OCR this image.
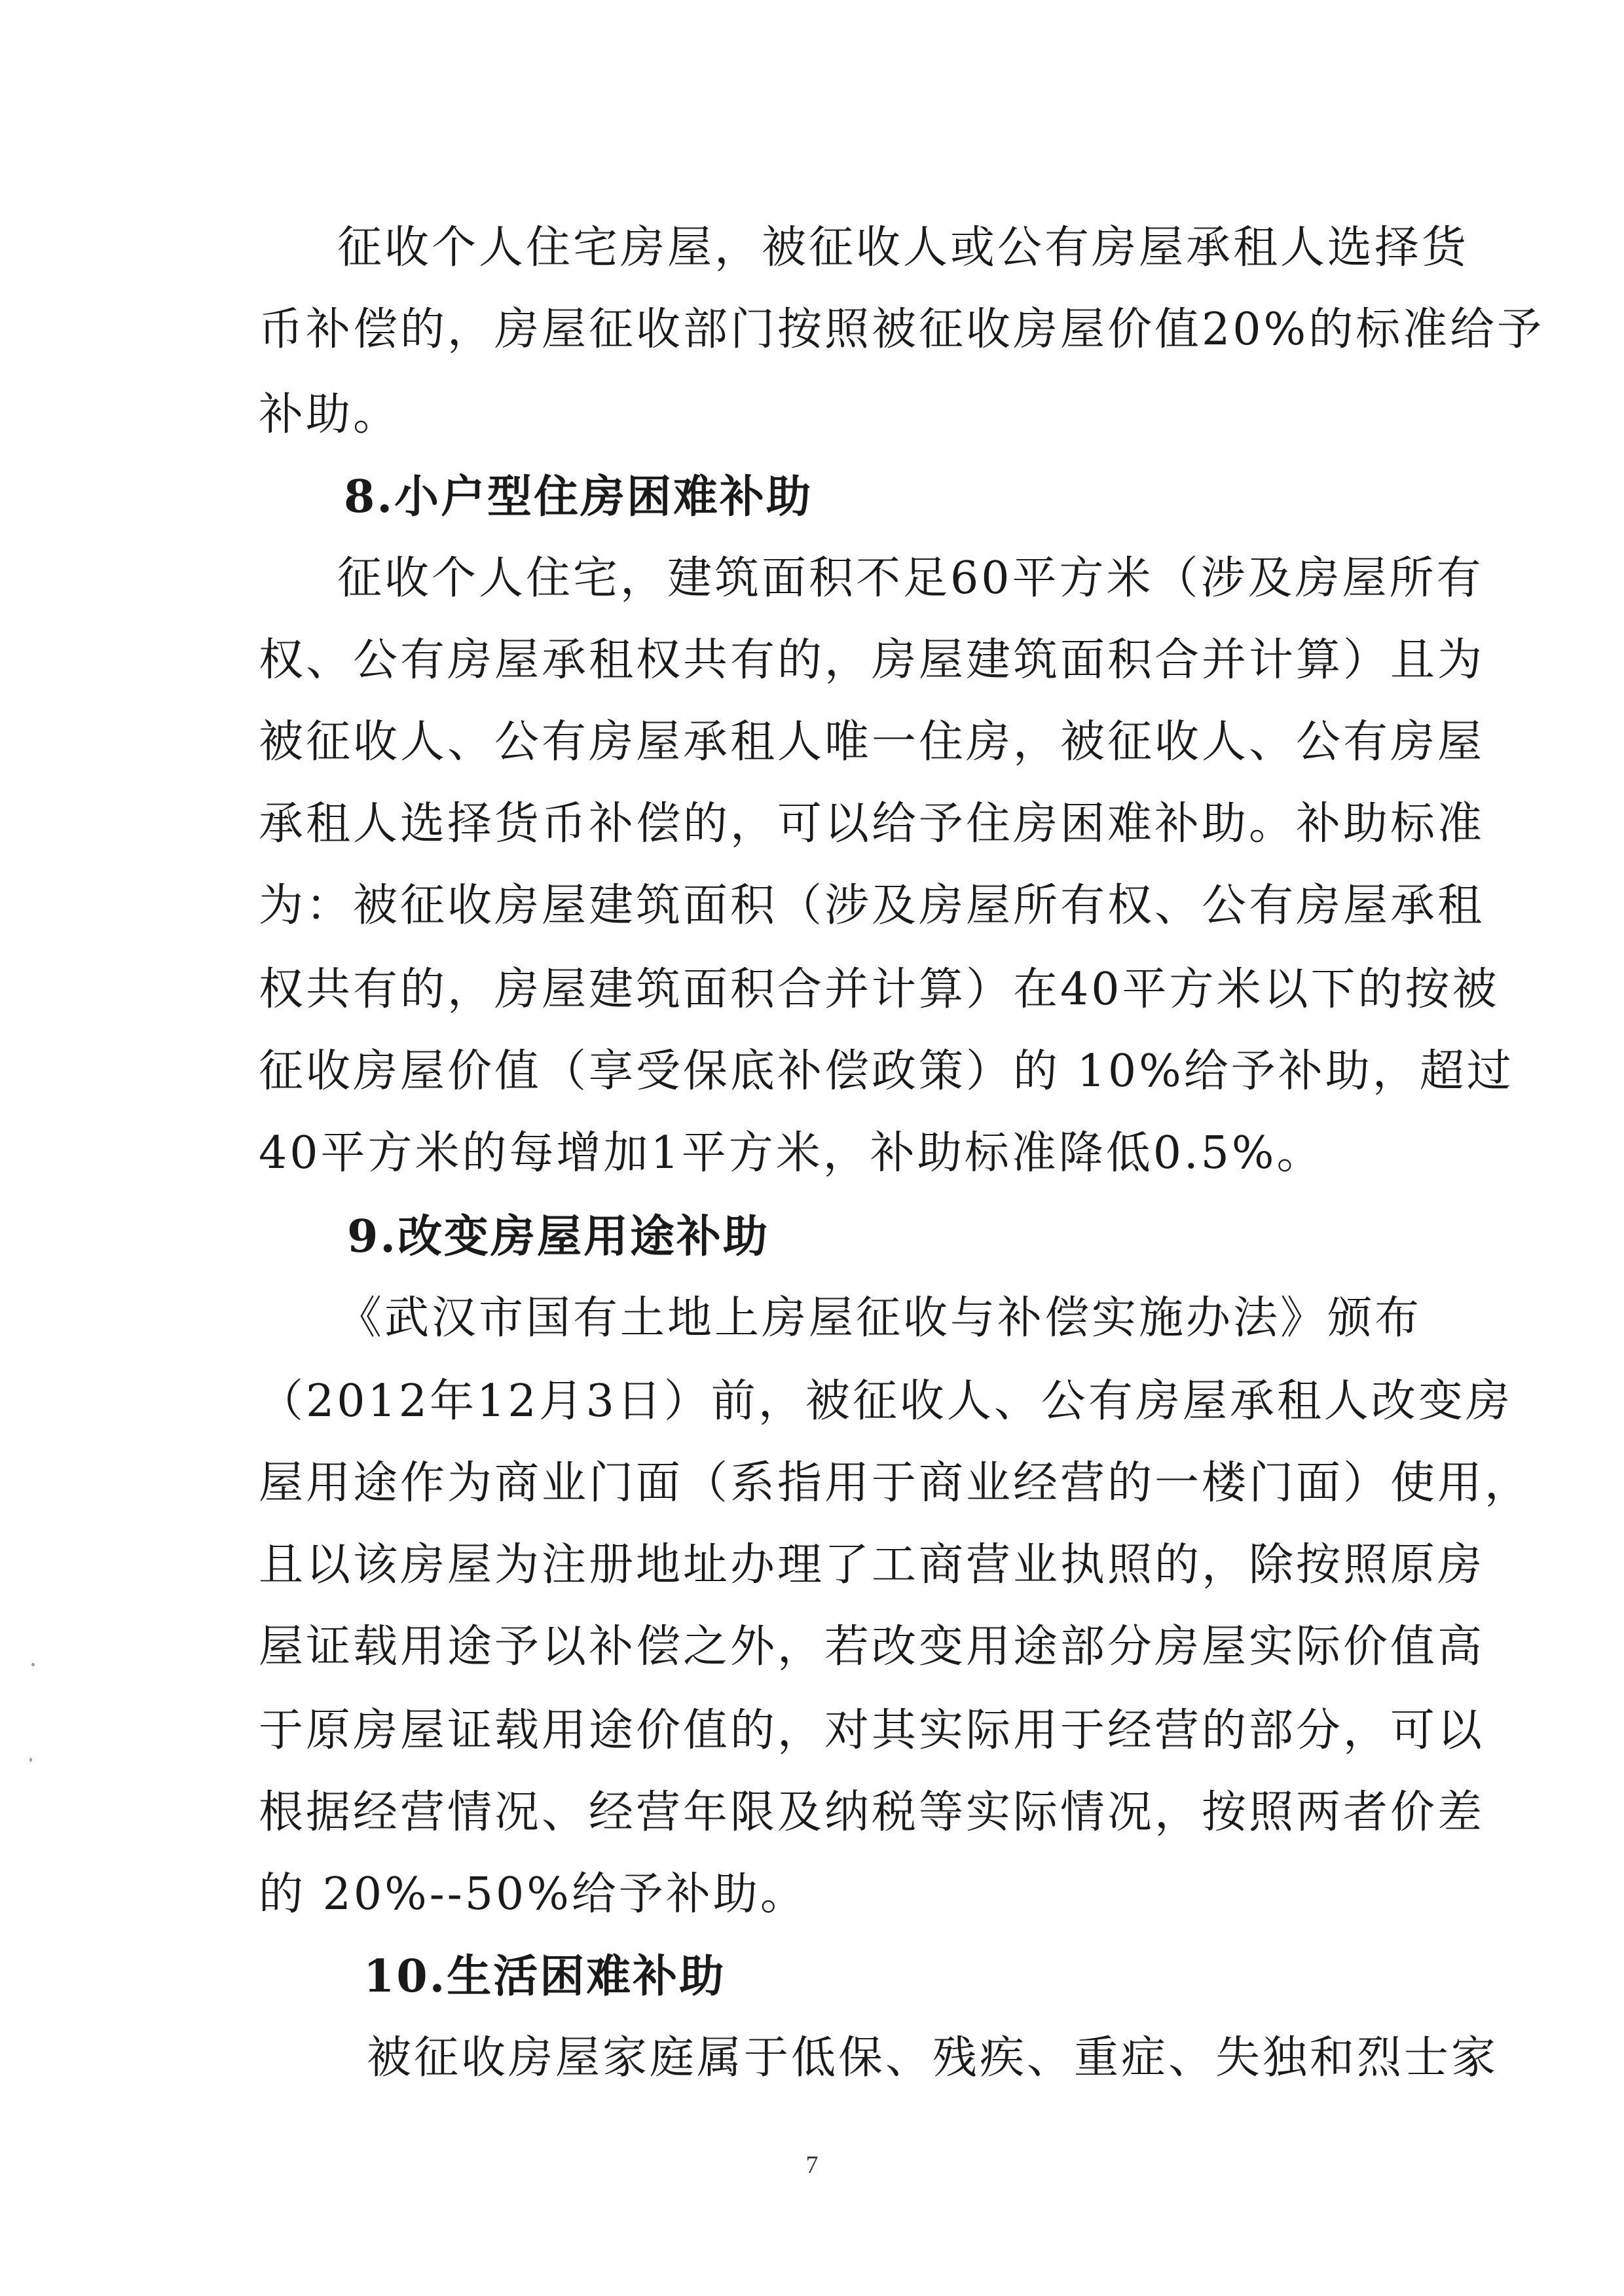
征收个人住宅房屋，被征收人或公有房屋承租人选择货
币补偿的，房屋征收部门按照被征收房屋价值20%的标准给予
补助。
8.小户型住房困难补助
征收个人住宅，建筑面积不足60平方米（涉及房屋所有
权、公有房屋承租权共有的，房屋建筑面积合并计算）且为
被征收人、公有房屋承租人唯一住房，被征收人、公有房屋
承租人选择货币补偿的，可以给予住房困难补助。补助标准
为：被征收房屋建筑面积（涉及房屋所有权、公有房屋承租
权共有的，房屋建筑面积合并计算）在40平方米以下的按被
征收房屋价值（享受保底补偿政策）的 10%给予补助，超过
40平方米的每增加1平方米，补助标准降低0.5%。
9.改变房屋用途补助
《武汉市国有土地上房屋征收与补偿实施办法》颁布
（2012年12月3日）前，被征收人、公有房屋承租人改变房
屋用途作为商业门面（系指用于商业经营的一楼门面）使用，
且以该房屋为注册地址办理了工商营业执照的，除按照原房
屋证载用途予以补偿之外，若改变用途部分房屋实际价值高
于原房屋证载用途价值的，对其实际用于经营的部分，可以
根据经营情况、经营年限及纳税等实际情况，按照两者价差
的 20%--50%给予补助。
10.生活困难补助
被征收房屋家庭属于低保、残疾、重症、失独和烈士家
7
